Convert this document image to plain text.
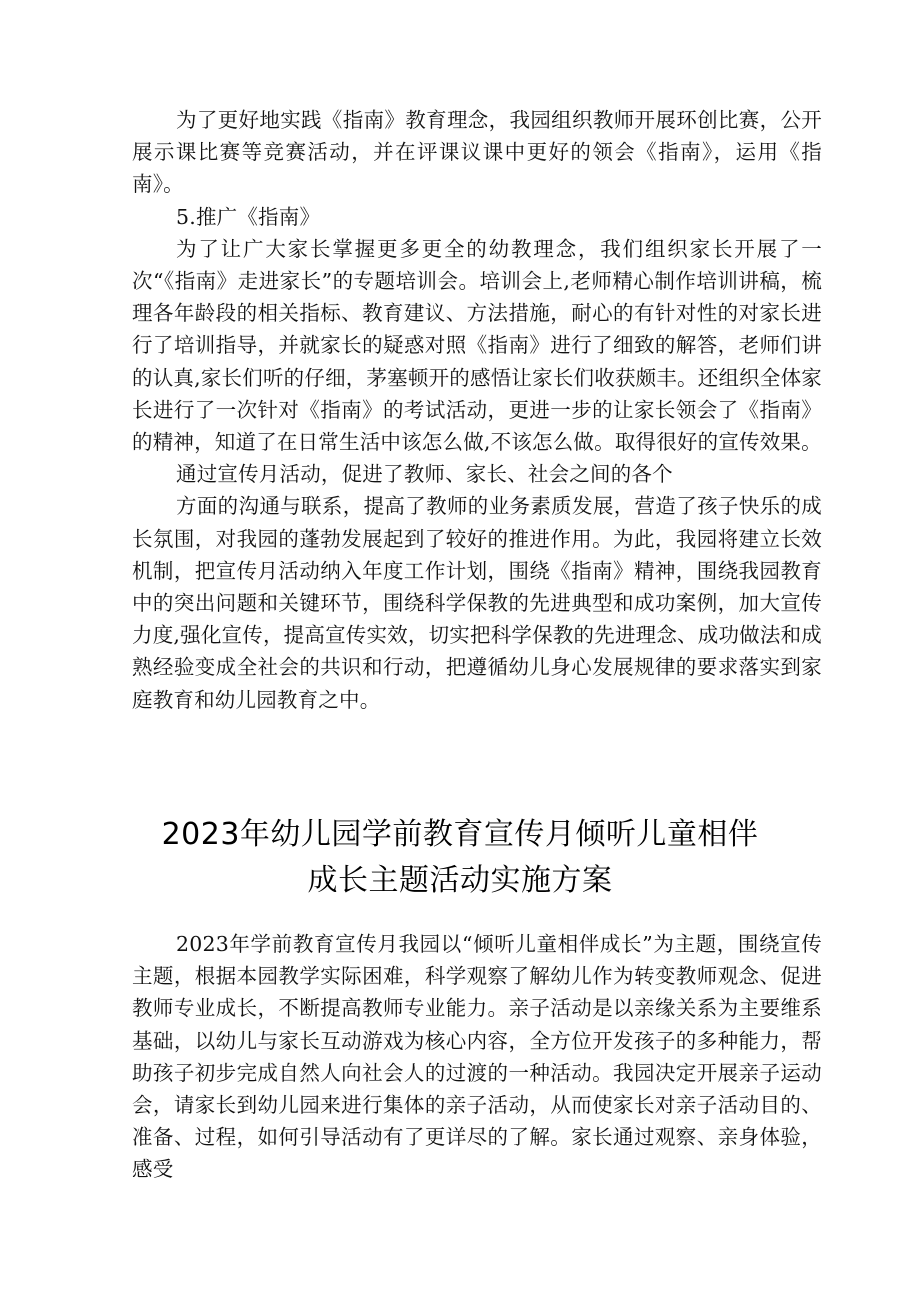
为了更好地实践《指南》教育理念，我园组织教师开展环创比赛，公开展示课比赛等竞赛活动，并在评课议课中更好的领会《指南》，运用《指南》。

5.推广《指南》

为了让广大家长掌握更多更全的幼教理念，我们组织家长开展了一次“《指南》走进家长”的专题培训会。培训会上,老师精心制作培训讲稿，梳理各年龄段的相关指标、教育建议、方法措施，耐心的有针对性的对家长进行了培训指导，并就家长的疑惑对照《指南》进行了细致的解答，老师们讲的认真,家长们听的仔细，茅塞顿开的感悟让家长们收获颇丰。还组织全体家长进行了一次针对《指南》的考试活动，更进一步的让家长领会了《指南》的精神，知道了在日常生活中该怎么做,不该怎么做。取得很好的宣传效果。

通过宣传月活动，促进了教师、家长、社会之间的各个

方面的沟通与联系，提高了教师的业务素质发展，营造了孩子快乐的成长氛围，对我园的蓬勃发展起到了较好的推进作用。为此，我园将建立长效机制，把宣传月活动纳入年度工作计划，围绕《指南》精神，围绕我园教育中的突出问题和关键环节，围绕科学保教的先进典型和成功案例，加大宣传力度,强化宣传，提高宣传实效，切实把科学保教的先进理念、成功做法和成熟经验变成全社会的共识和行动，把遵循幼儿身心发展规律的要求落实到家庭教育和幼儿园教育之中。

2023年幼儿园学前教育宣传月倾听儿童相伴
成长主题活动实施方案

2023年学前教育宣传月我园以“倾听儿童相伴成长”为主题，围绕宣传主题，根据本园教学实际困难，科学观察了解幼儿作为转变教师观念、促进教师专业成长，不断提高教师专业能力。亲子活动是以亲缘关系为主要维系基础，以幼儿与家长互动游戏为核心内容，全方位开发孩子的多种能力，帮助孩子初步完成自然人向社会人的过渡的一种活动。我园决定开展亲子运动会，请家长到幼儿园来进行集体的亲子活动，从而使家长对亲子活动目的、准备、过程，如何引导活动有了更详尽的了解。家长通过观察、亲身体验，感受
